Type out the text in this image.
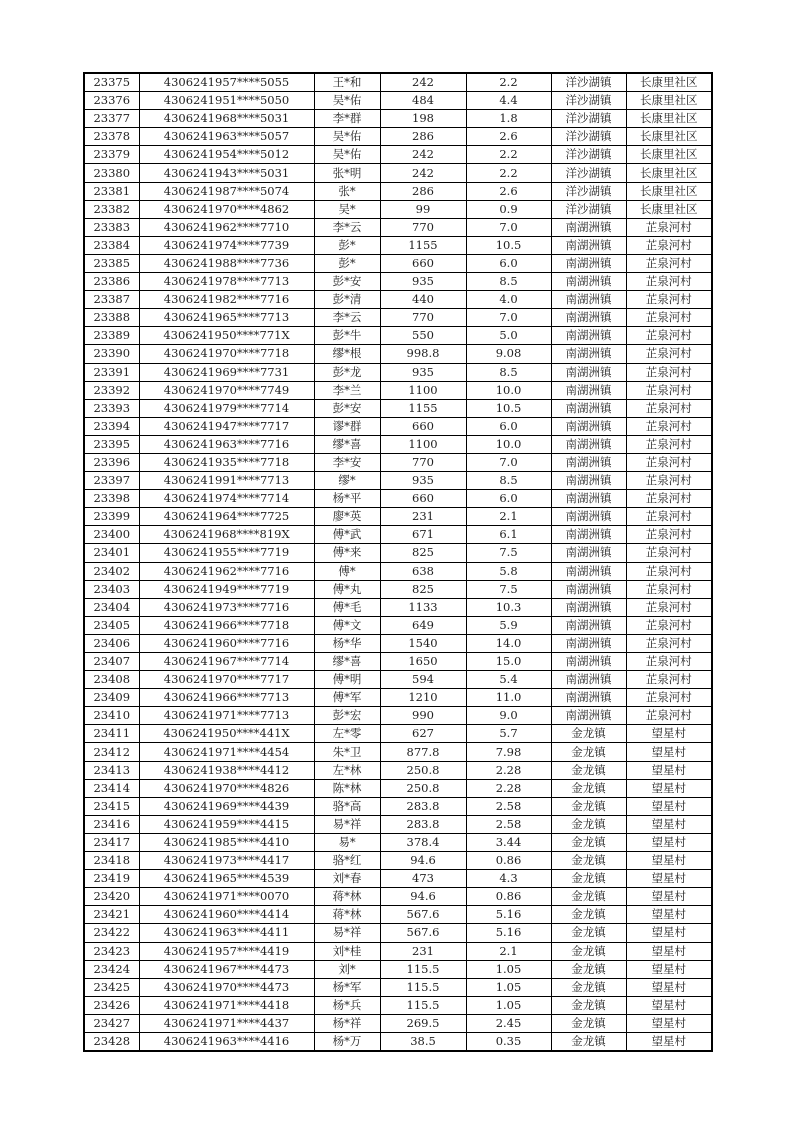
23375	4306241957****5055	王*和	242	2.2	洋沙湖镇	长康里社区
23376	4306241951****5050	吴*佑	484	4.4	洋沙湖镇	长康里社区
23377	4306241968****5031	李*群	198	1.8	洋沙湖镇	长康里社区
23378	4306241963****5057	吴*佑	286	2.6	洋沙湖镇	长康里社区
23379	4306241954****5012	吴*佑	242	2.2	洋沙湖镇	长康里社区
23380	4306241943****5031	张*明	242	2.2	洋沙湖镇	长康里社区
23381	4306241987****5074	张*	286	2.6	洋沙湖镇	长康里社区
23382	4306241970****4862	吴*	99	0.9	洋沙湖镇	长康里社区
23383	4306241962****7710	李*云	770	7.0	南湖洲镇	芷泉河村
23384	4306241974****7739	彭*	1155	10.5	南湖洲镇	芷泉河村
23385	4306241988****7736	彭*	660	6.0	南湖洲镇	芷泉河村
23386	4306241978****7713	彭*安	935	8.5	南湖洲镇	芷泉河村
23387	4306241982****7716	彭*清	440	4.0	南湖洲镇	芷泉河村
23388	4306241965****7713	李*云	770	7.0	南湖洲镇	芷泉河村
23389	4306241950****771X	彭*牛	550	5.0	南湖洲镇	芷泉河村
23390	4306241970****7718	缪*根	998.8	9.08	南湖洲镇	芷泉河村
23391	4306241969****7731	彭*龙	935	8.5	南湖洲镇	芷泉河村
23392	4306241970****7749	李*兰	1100	10.0	南湖洲镇	芷泉河村
23393	4306241979****7714	彭*安	1155	10.5	南湖洲镇	芷泉河村
23394	4306241947****7717	谬*群	660	6.0	南湖洲镇	芷泉河村
23395	4306241963****7716	缪*喜	1100	10.0	南湖洲镇	芷泉河村
23396	4306241935****7718	李*安	770	7.0	南湖洲镇	芷泉河村
23397	4306241991****7713	缪*	935	8.5	南湖洲镇	芷泉河村
23398	4306241974****7714	杨*平	660	6.0	南湖洲镇	芷泉河村
23399	4306241964****7725	廖*英	231	2.1	南湖洲镇	芷泉河村
23400	4306241968****819X	傅*武	671	6.1	南湖洲镇	芷泉河村
23401	4306241955****7719	傅*来	825	7.5	南湖洲镇	芷泉河村
23402	4306241962****7716	傅*	638	5.8	南湖洲镇	芷泉河村
23403	4306241949****7719	傅*丸	825	7.5	南湖洲镇	芷泉河村
23404	4306241973****7716	傅*毛	1133	10.3	南湖洲镇	芷泉河村
23405	4306241966****7718	傅*文	649	5.9	南湖洲镇	芷泉河村
23406	4306241960****7716	杨*华	1540	14.0	南湖洲镇	芷泉河村
23407	4306241967****7714	缪*喜	1650	15.0	南湖洲镇	芷泉河村
23408	4306241970****7717	傅*明	594	5.4	南湖洲镇	芷泉河村
23409	4306241966****7713	傅*军	1210	11.0	南湖洲镇	芷泉河村
23410	4306241971****7713	彭*宏	990	9.0	南湖洲镇	芷泉河村
23411	4306241950****441X	左*零	627	5.7	金龙镇	望星村
23412	4306241971****4454	朱*卫	877.8	7.98	金龙镇	望星村
23413	4306241938****4412	左*林	250.8	2.28	金龙镇	望星村
23414	4306241970****4826	陈*林	250.8	2.28	金龙镇	望星村
23415	4306241969****4439	骆*高	283.8	2.58	金龙镇	望星村
23416	4306241959****4415	易*祥	283.8	2.58	金龙镇	望星村
23417	4306241985****4410	易*	378.4	3.44	金龙镇	望星村
23418	4306241973****4417	骆*红	94.6	0.86	金龙镇	望星村
23419	4306241965****4539	刘*春	473	4.3	金龙镇	望星村
23420	4306241971****0070	蒋*林	94.6	0.86	金龙镇	望星村
23421	4306241960****4414	蒋*林	567.6	5.16	金龙镇	望星村
23422	4306241963****4411	易*祥	567.6	5.16	金龙镇	望星村
23423	4306241957****4419	刘*桂	231	2.1	金龙镇	望星村
23424	4306241967****4473	刘*	115.5	1.05	金龙镇	望星村
23425	4306241970****4473	杨*军	115.5	1.05	金龙镇	望星村
23426	4306241971****4418	杨*兵	115.5	1.05	金龙镇	望星村
23427	4306241971****4437	杨*祥	269.5	2.45	金龙镇	望星村
23428	4306241963****4416	杨*万	38.5	0.35	金龙镇	望星村
